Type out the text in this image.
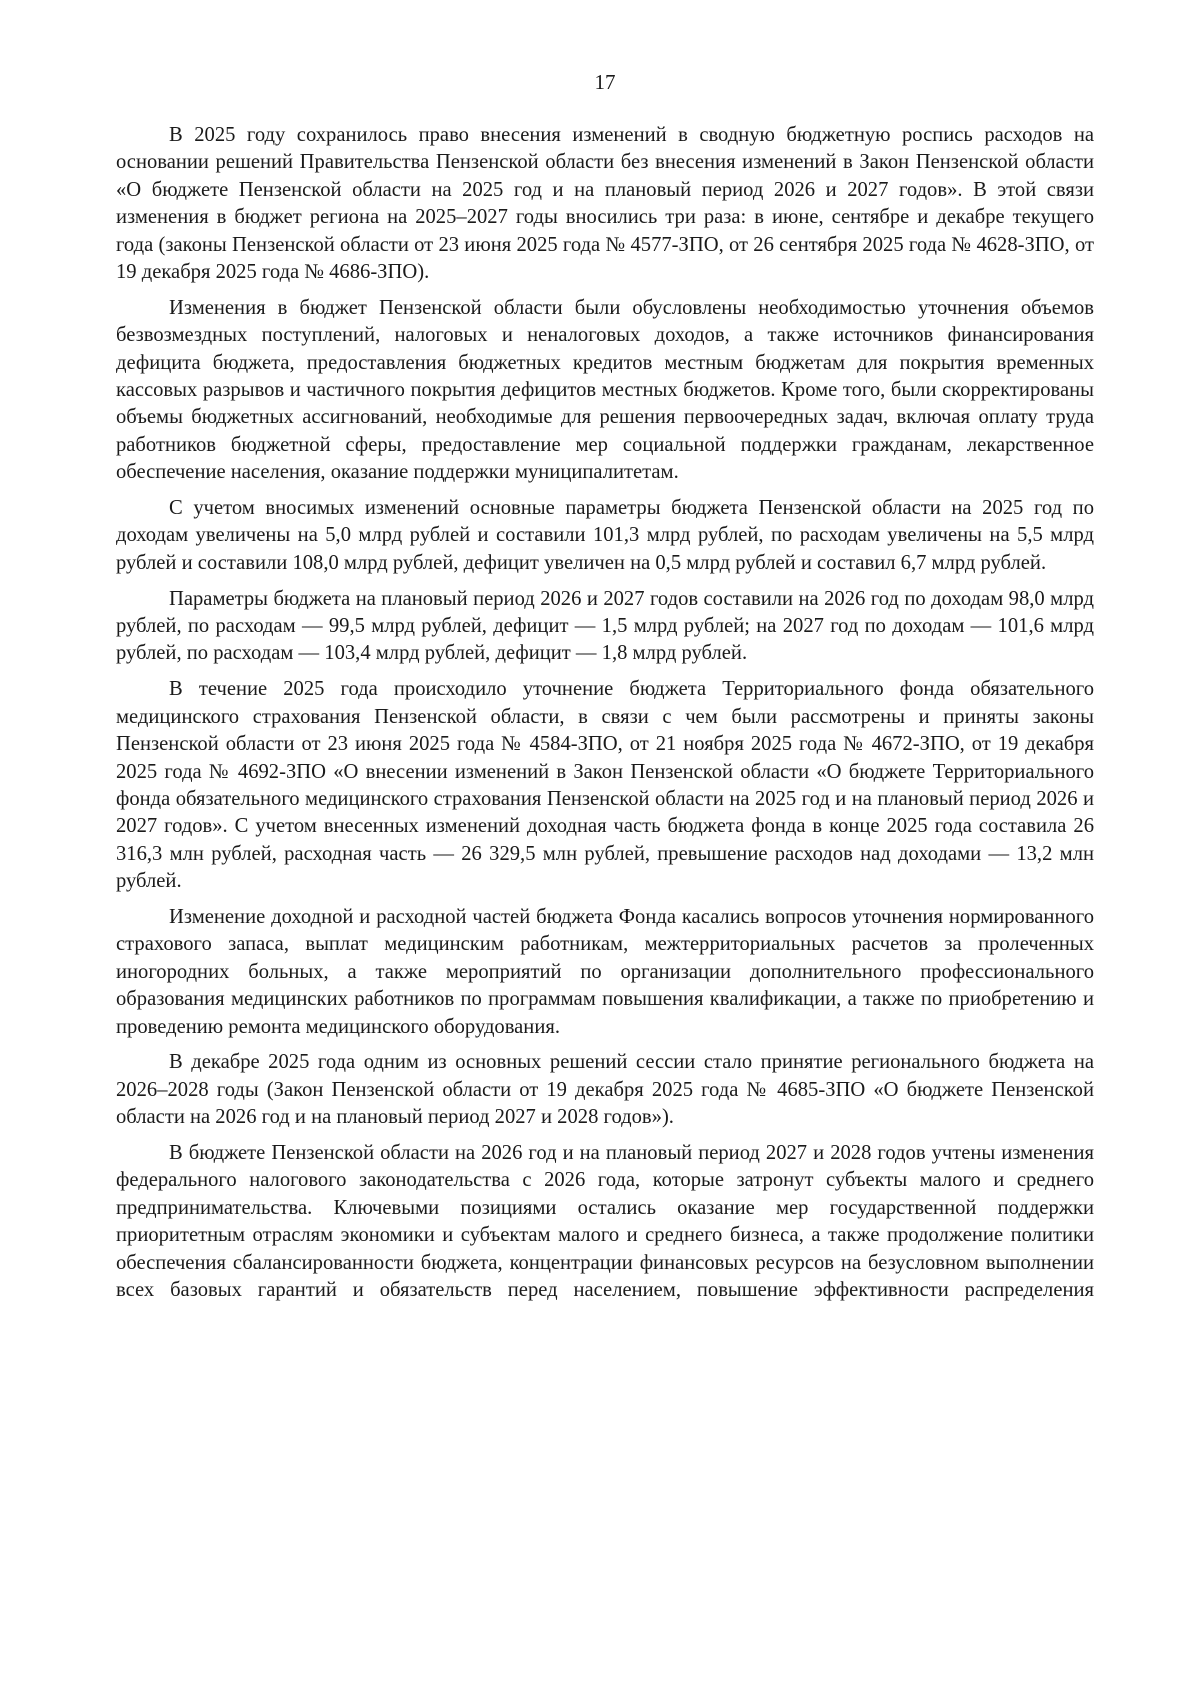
17

В 2025 году сохранилось право внесения изменений в сводную бюджетную роспись расходов на основании решений Правительства Пензенской области без внесения изменений в Закон Пензенской области «О бюджете Пензенской области на 2025 год и на плановый период 2026 и 2027 годов». В этой связи изменения в бюджет региона на 2025–2027 годы вносились три раза: в июне, сентябре и декабре текущего года (законы Пензенской области от 23 июня 2025 года № 4577-ЗПО, от 26 сентября 2025 года № 4628-ЗПО, от 19 декабря 2025 года № 4686-ЗПО).

Изменения в бюджет Пензенской области были обусловлены необходимостью уточнения объемов безвозмездных поступлений, налоговых и неналоговых доходов, а также источников финансирования дефицита бюджета, предоставления бюджетных кредитов местным бюджетам для покрытия временных кассовых разрывов и частичного покрытия дефицитов местных бюджетов. Кроме того, были скорректированы объемы бюджетных ассигнований, необходимые для решения первоочередных задач, включая оплату труда работников бюджетной сферы, предоставление мер социальной поддержки гражданам, лекарственное обеспечение населения, оказание поддержки муниципалитетам.

С учетом вносимых изменений основные параметры бюджета Пензенской области на 2025 год по доходам увеличены на 5,0 млрд рублей и составили 101,3 млрд рублей, по расходам увеличены на 5,5 млрд рублей и составили 108,0 млрд рублей, дефицит увеличен на 0,5 млрд рублей и составил 6,7 млрд рублей.

Параметры бюджета на плановый период 2026 и 2027 годов составили на 2026 год по доходам 98,0 млрд рублей, по расходам — 99,5 млрд рублей, дефицит — 1,5 млрд рублей; на 2027 год по доходам — 101,6 млрд рублей, по расходам — 103,4 млрд рублей, дефицит — 1,8 млрд рублей.

В течение 2025 года происходило уточнение бюджета Территориального фонда обязательного медицинского страхования Пензенской области, в связи с чем были рассмотрены и приняты законы Пензенской области от 23 июня 2025 года № 4584-ЗПО, от 21 ноября 2025 года № 4672-ЗПО, от 19 декабря 2025 года № 4692-ЗПО «О внесении изменений в Закон Пензенской области «О бюджете Территориального фонда обязательного медицинского страхования Пензенской области на 2025 год и на плановый период 2026 и 2027 годов». С учетом внесенных изменений доходная часть бюджета фонда в конце 2025 года составила 26 316,3 млн рублей, расходная часть — 26 329,5 млн рублей, превышение расходов над доходами — 13,2 млн рублей.

Изменение доходной и расходной частей бюджета Фонда касались вопросов уточнения нормированного страхового запаса, выплат медицинским работникам, межтерриториальных расчетов за пролеченных иногородних больных, а также мероприятий по организации дополнительного профессионального образования медицинских работников по программам повышения квалификации, а также по приобретению и проведению ремонта медицинского оборудования.

В декабре 2025 года одним из основных решений сессии стало принятие регионального бюджета на 2026–2028 годы (Закон Пензенской области от 19 декабря 2025 года № 4685-ЗПО «О бюджете Пензенской области на 2026 год и на плановый период 2027 и 2028 годов»).

В бюджете Пензенской области на 2026 год и на плановый период 2027 и 2028 годов учтены изменения федерального налогового законодательства с 2026 года, которые затронут субъекты малого и среднего предпринимательства. Ключевыми позициями остались оказание мер государственной поддержки приоритетным отраслям экономики и субъектам малого и среднего бизнеса, а также продолжение политики обеспечения сбалансированности бюджета, концентрации финансовых ресурсов на безусловном выполнении всех базовых гарантий и обязательств перед населением, повышение эффективности распределения
